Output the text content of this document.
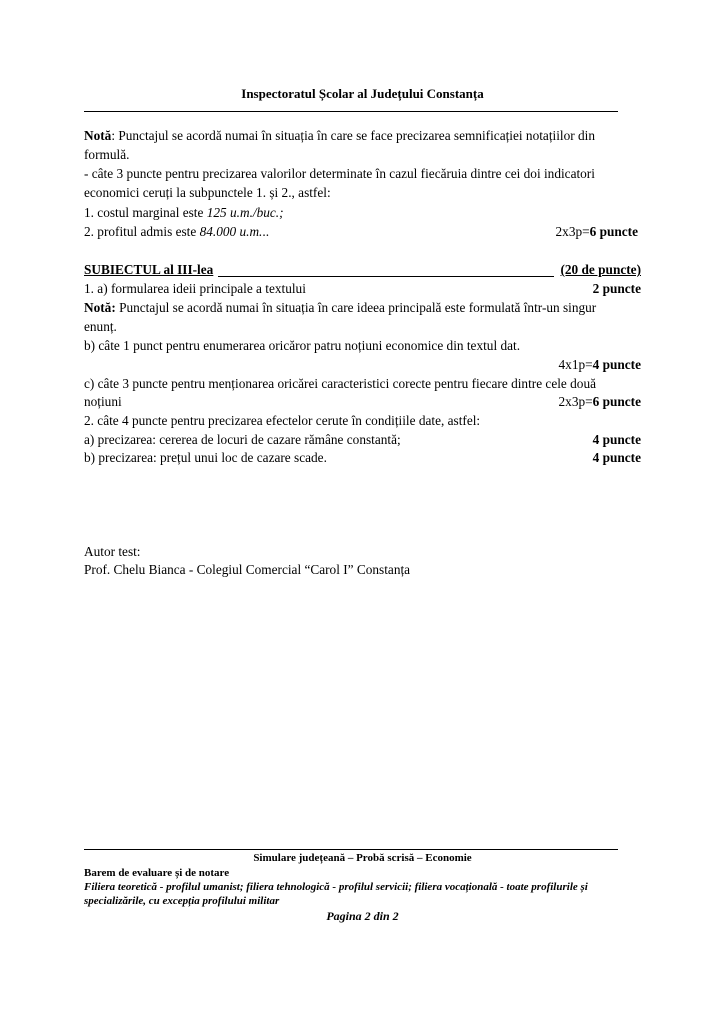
Inspectoratul Școlar al Județului Constanța
Notă: Punctajul se acordă numai în situația în care se face precizarea semnificației notațiilor din
formulă.
- câte 3 puncte pentru precizarea valorilor determinate în cazul fiecăruia dintre cei doi indicatori
economici ceruți la subpunctele 1. și 2., astfel:
1. costul marginal este 125 u.m./buc.;
2. profitul admis este 84.000 u.m...	2x3p=6 puncte
SUBIECTUL al III-lea	(20 de puncte)
1. a) formularea ideii principale a textului	2 puncte
Notă: Punctajul se acordă numai în situația în care ideea principală este formulată într-un singur
enunț.
b) câte 1 punct pentru enumerarea oricăror patru noțiuni economice din textul dat.
4x1p=4 puncte
c) câte 3 puncte pentru menționarea oricărei caracteristici corecte pentru fiecare dintre cele două
noțiuni	2x3p=6 puncte
2. câte 4 puncte pentru precizarea efectelor cerute în condițiile date, astfel:
a) precizarea: cererea de locuri de cazare rămâne constantă;	4 puncte
b) precizarea: prețul unui loc de cazare scade.	4 puncte
Autor test:
Prof. Chelu Bianca - Colegiul Comercial “Carol I” Constanța
Simulare județeană – Probă scrisă – Economie
Barem de evaluare și de notare
Filiera teoretică - profilul umanist; filiera tehnologică - profilul servicii; filiera vocațională - toate profilurile și
specializările, cu excepția profilului militar
Pagina 2 din 2
